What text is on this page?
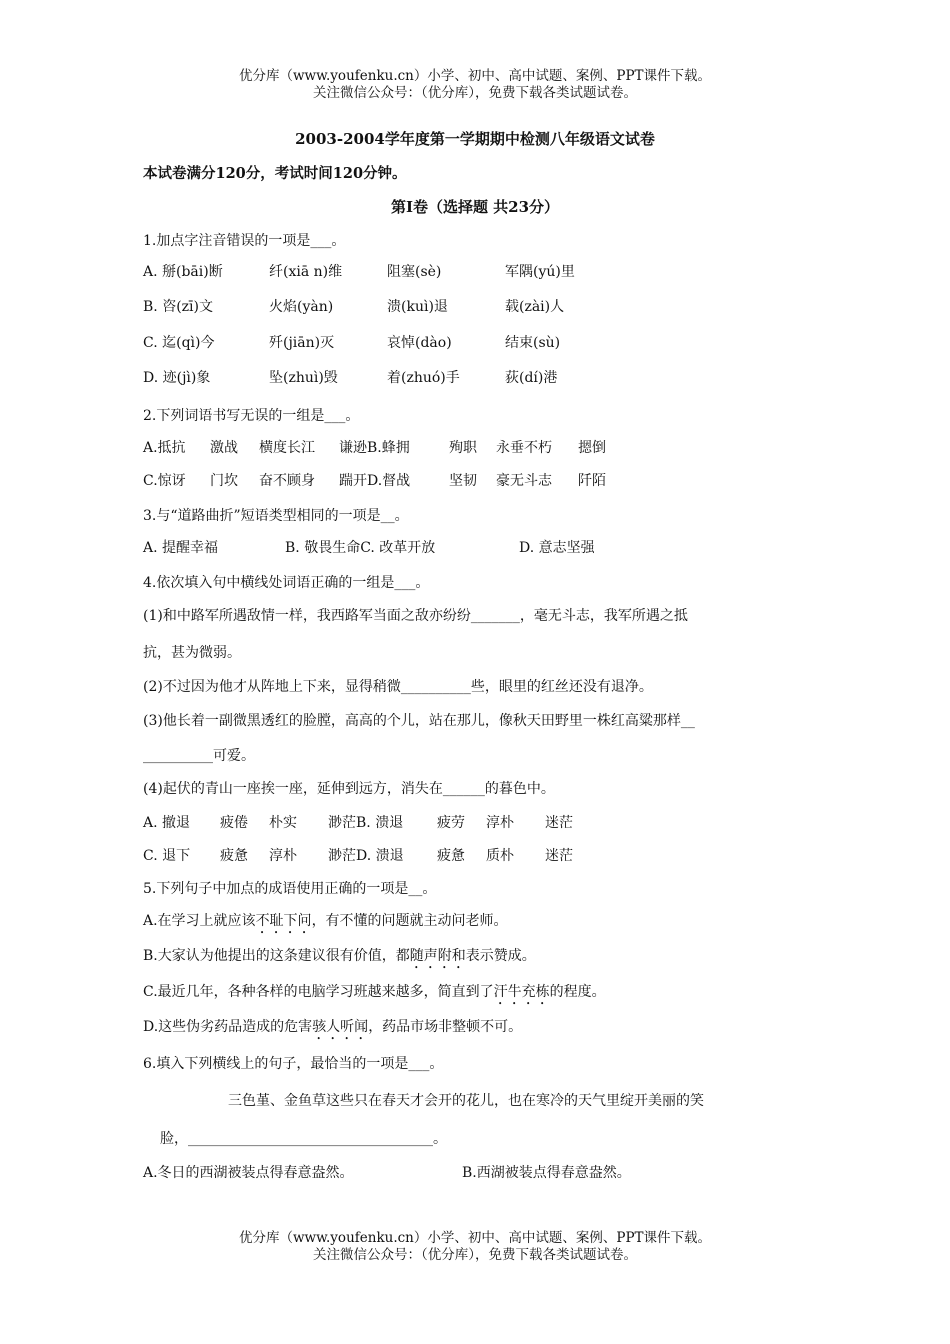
优分库（www.youfenku.cn）小学、初中、高中试题、案例、PPT课件下载。
关注微信公众号：（优分库），免费下载各类试题试卷。
2003-2004学年度第一学期期中检测八年级语文试卷
本试卷满分120分，考试时间120分钟。
第I卷（选择题 共23分）
1.加点字注音错误的一项是___。
A. 掰(bāi)断	纤(xiā n)维	阻塞(sè)	军隅(yú)里
B. 咨(zī)文	火焰(yàn)	溃(kuì)退	载(zài)人
C. 迄(qì)今	歼(jiān)灭	哀悼(dào)	结束(sù)
D. 迹(jì)象	坠(zhuì)毁	着(zhuó)手	荻(dí)港
2.下列词语书写无误的一组是___。
A.抵抗 激战 横度长江 谦逊B.蜂拥	殉职 永垂不朽 摁倒
C.惊讶 门坎 奋不顾身 踹开D.督战	坚韧 豪无斗志 阡陌
3.与“道路曲折”短语类型相同的一项是__。
A. 提醒幸福	B. 敬畏生命C. 改革开放	D. 意志坚强
4.依次填入句中横线处词语正确的一组是___。
(1)和中路军所遇敌情一样，我西路军当面之敌亦纷纷_______，毫无斗志，我军所遇之抵
抗，甚为微弱。
(2)不过因为他才从阵地上下来，显得稍微__________些，眼里的红丝还没有退净。
(3)他长着一副微黑透红的脸膛，高高的个儿，站在那儿，像秋天田野里一株红高粱那样__
__________可爱。
(4)起伏的青山一座挨一座，延伸到远方，消失在______的暮色中。
A. 撤退 疲倦 朴实 渺茫B. 溃退 疲劳 淳朴 迷茫
C. 退下 疲惫 淳朴 渺茫D. 溃退 疲惫 质朴 迷茫
5.下列句子中加点的成语使用正确的一项是__。
A.在学习上就应该不耻下问，有不懂的问题就主动问老师。
B.大家认为他提出的这条建议很有价值，都随声附和表示赞成。
C.最近几年，各种各样的电脑学习班越来越多，简直到了汗牛充栋的程度。
D.这些伪劣药品造成的危害骇人听闻，药品市场非整顿不可。
6.填入下列横线上的句子，最恰当的一项是___。
三色堇、金鱼草这些只在春天才会开的花儿，也在寒冷的天气里绽开美丽的笑
脸，___________________________________。
A.冬日的西湖被装点得春意盎然。	B.西湖被装点得春意盎然。
优分库（www.youfenku.cn）小学、初中、高中试题、案例、PPT课件下载。
关注微信公众号：（优分库），免费下载各类试题试卷。
